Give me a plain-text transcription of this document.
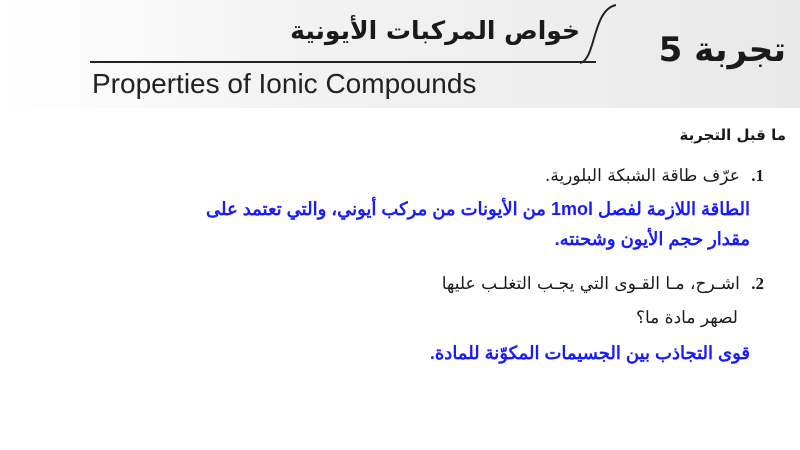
خواص المركبات الأيونية تجربة 5
Properties of Ionic Compounds
ما قبل التجربة
1. عرّف طاقة الشبكة البلورية.
الطاقة اللازمة لفصل 1mol من الأيونات من مركب أيوني، والتي تعتمد على
مقدار حجم الأيون وشحنته.
2. اشـرح، مـا القـوى التي يجـب التغلـب عليها
لصهر مادة ما؟
قوى التجاذب بين الجسيمات المكوّنة للمادة.
